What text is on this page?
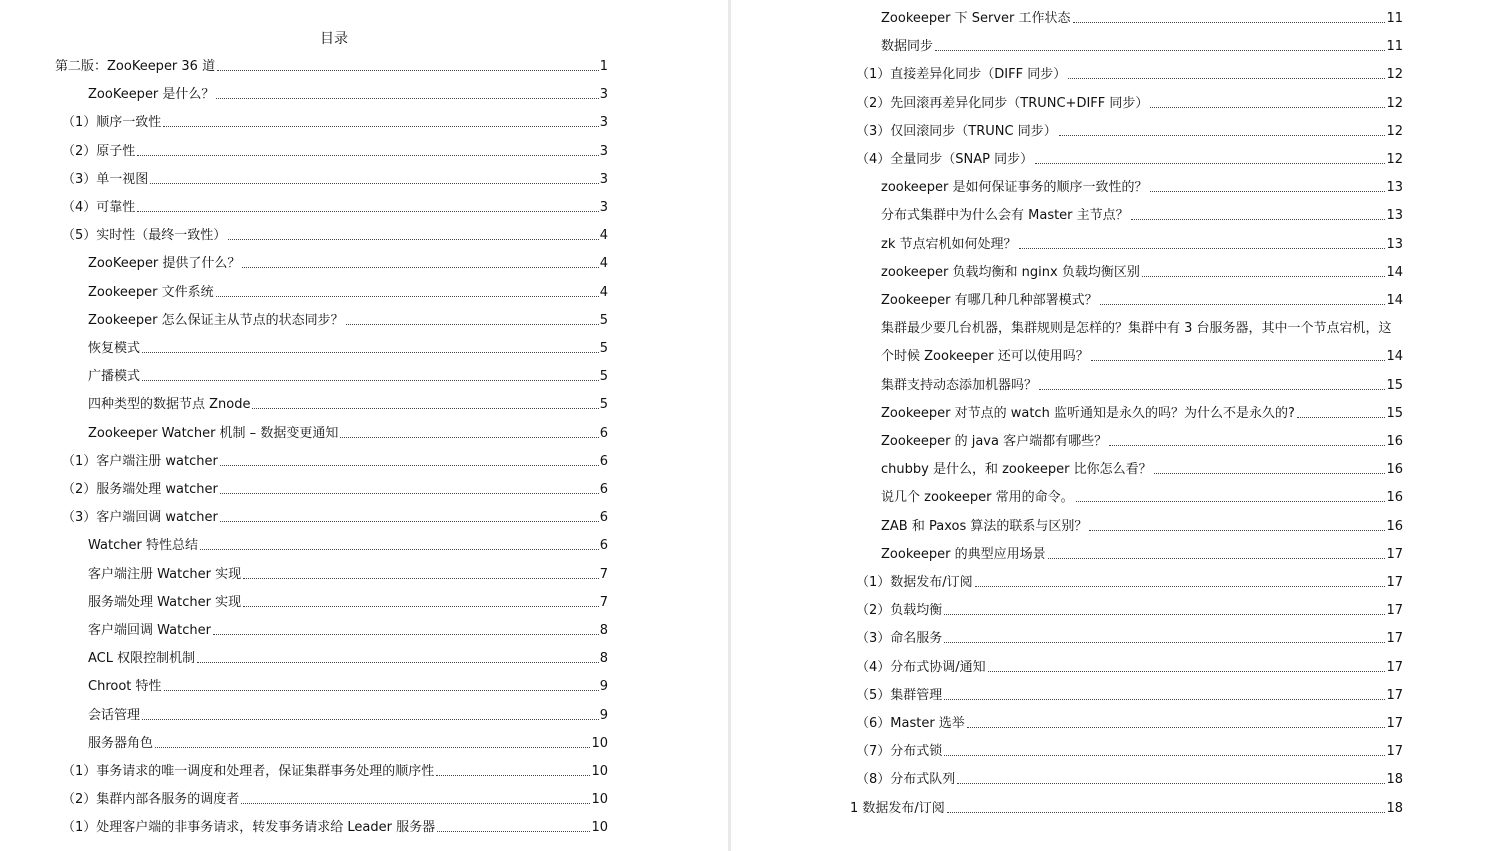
目录
第二版：ZooKeeper 36 道	1
ZooKeeper 是什么？	3
（1）顺序一致性	3
（2）原子性	3
（3）单一视图	3
（4）可靠性	3
（5）实时性（最终一致性）	4
ZooKeeper 提供了什么？	4
Zookeeper 文件系统	4
Zookeeper 怎么保证主从节点的状态同步？	5
恢复模式	5
广播模式	5
四种类型的数据节点 Znode	5
Zookeeper Watcher 机制 – 数据变更通知	6
（1）客户端注册 watcher	6
（2）服务端处理 watcher	6
（3）客户端回调 watcher	6
Watcher 特性总结	6
客户端注册 Watcher 实现	7
服务端处理 Watcher 实现	7
客户端回调 Watcher	8
ACL 权限控制机制	8
Chroot 特性	9
会话管理	9
服务器角色	10
（1）事务请求的唯一调度和处理者，保证集群事务处理的顺序性	10
（2）集群内部各服务的调度者	10
（1）处理客户端的非事务请求，转发事务请求给 Leader 服务器	10
Zookeeper 下 Server 工作状态	11
数据同步	11
（1）直接差异化同步（DIFF 同步）	12
（2）先回滚再差异化同步（TRUNC+DIFF 同步）	12
（3）仅回滚同步（TRUNC 同步）	12
（4）全量同步（SNAP 同步）	12
zookeeper 是如何保证事务的顺序一致性的？	13
分布式集群中为什么会有 Master 主节点？	13
zk 节点宕机如何处理？	13
zookeeper 负载均衡和 nginx 负载均衡区别	14
Zookeeper 有哪几种几种部署模式？	14
集群最少要几台机器，集群规则是怎样的？集群中有 3 台服务器，其中一个节点宕机，这
个时候 Zookeeper 还可以使用吗？	14
集群支持动态添加机器吗？	15
Zookeeper 对节点的 watch 监听通知是永久的吗？为什么不是永久的?	15
Zookeeper 的 java 客户端都有哪些？	16
chubby 是什么，和 zookeeper 比你怎么看？	16
说几个 zookeeper 常用的命令。	16
ZAB 和 Paxos 算法的联系与区别？	16
Zookeeper 的典型应用场景	17
（1）数据发布/订阅	17
（2）负载均衡	17
（3）命名服务	17
（4）分布式协调/通知	17
（5）集群管理	17
（6）Master 选举	17
（7）分布式锁	17
（8）分布式队列	18
1 数据发布/订阅	18
